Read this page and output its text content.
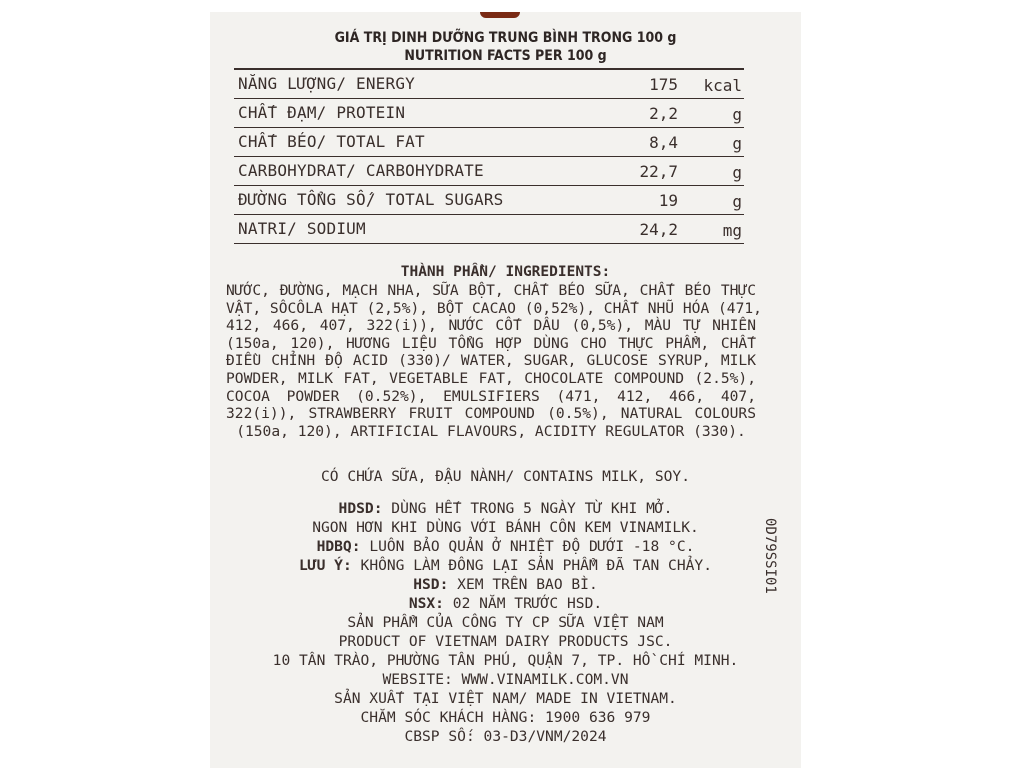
GIÁ TRỊ DINH DƯỠNG TRUNG BÌNH TRONG 100 g
NUTRITION FACTS PER 100 g
NĂNG LƯỢNG/ ENERGY	175 kcal
CHẤT ĐẠM/ PROTEIN	2,2	g
CHẤT BÉO/ TOTAL FAT	8,4	g
CARBOHYDRAT/ CARBOHYDRATE	22,7	g
ĐƯỜNG TỔNG SỐ/ TOTAL SUGARS	19	g
NATRI/ SODIUM	24,2	mg
THÀNH PHẦN/ INGREDIENTS:
NƯỚC, ĐƯỜNG, MẠCH NHA, SỮA BỘT, CHẤT BÉO SỮA, CHẤT BÉO THỰC
VẬT, SÔCÔLA HẠT (2,5%), BỘT CACAO (0,52%), CHẤT NHŨ HÓA (471,
412, 466, 407, 322(i)), NƯỚC CỐT DÂU (0,5%), MÀU TỰ NHIÊN
(150a, 120), HƯƠNG LIỆU TỔNG HỢP DÙNG CHO THỰC PHẨM, CHẤT
ĐIỀU CHỈNH ĐỘ ACID (330)/ WATER, SUGAR, GLUCOSE SYRUP, MILK
POWDER, MILK FAT, VEGETABLE FAT, CHOCOLATE COMPOUND (2.5%),
COCOA POWDER (0.52%), EMULSIFIERS (471, 412, 466, 407,
322(i)), STRAWBERRY FRUIT COMPOUND (0.5%), NATURAL COLOURS
(150a, 120), ARTIFICIAL FLAVOURS, ACIDITY REGULATOR (330).
CÓ CHỨA SỮA, ĐẬU NÀNH/ CONTAINS MILK, SOY.
HDSD: DÙNG HẾT TRONG 5 NGÀY TỪ KHI MỞ.
NGON HƠN KHI DÙNG VỚI BÁNH CÔN KEM VINAMILK.
HDBQ: LUÔN BẢO QUẢN Ở NHIỆT ĐỘ DƯỚI -18 °C.
LƯU Ý: KHÔNG LÀM ĐÔNG LẠI SẢN PHẨM ĐÃ TAN CHẢY.
HSD: XEM TRÊN BAO BÌ.
NSX: 02 NĂM TRƯỚC HSD.
SẢN PHẨM CỦA CÔNG TY CP SỮA VIỆT NAM
PRODUCT OF VIETNAM DAIRY PRODUCTS JSC.
10 TÂN TRÀO, PHƯỜNG TÂN PHÚ, QUẬN 7, TP. HỒ CHÍ MINH.
WEBSITE: WWW.VINAMILK.COM.VN
SẢN XUẤT TẠI VIỆT NAM/ MADE IN VIETNAM.
CHĂM SÓC KHÁCH HÀNG: 1900 636 979
CBSP SỐ: 03-D3/VNM/2024
0D79SSI01
